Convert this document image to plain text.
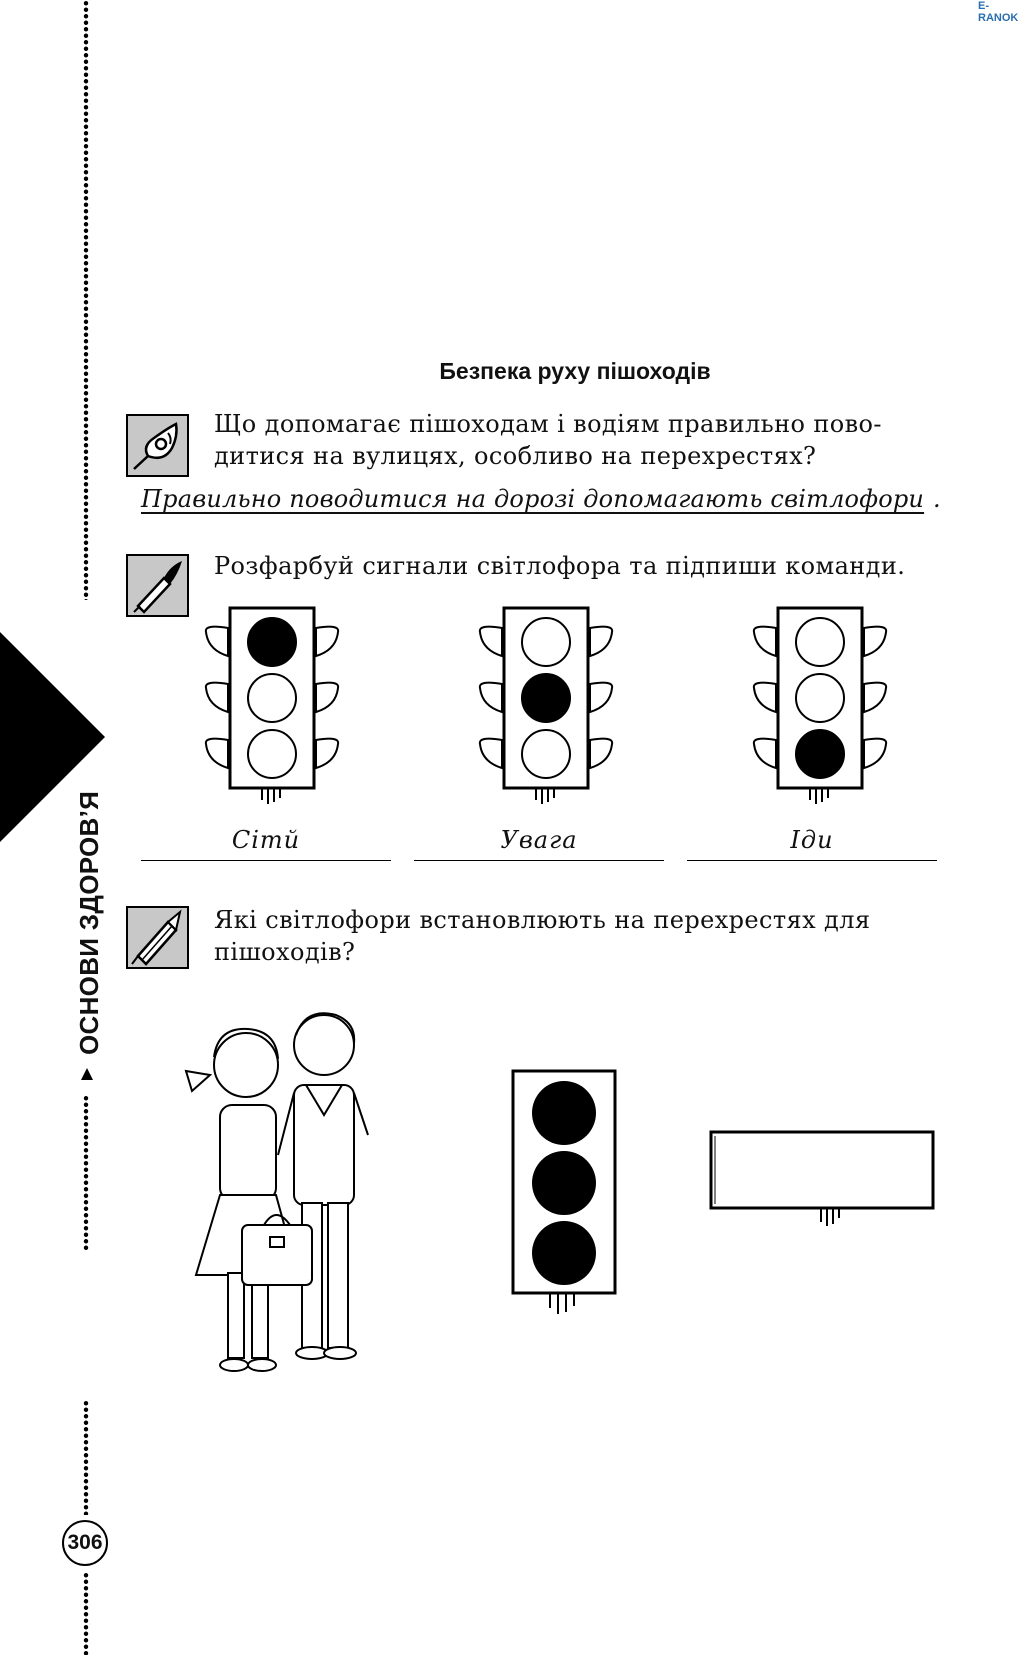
E-RANOK
ОСНОВИ ЗДОРОВ’Я
306
Безпека руху пішоходів
Що допомагає пішоходам і водіям правильно пово-
дитися на вулицях, особливо на перехрестях?
Правильно поводитися на дорозі допомагають світлофори .
Розфарбуй сигнали світлофора та підпиши команди.
Сітй	Увага	Іди
Які світлофори встановлюють на перехрестях для
пішоходів?
